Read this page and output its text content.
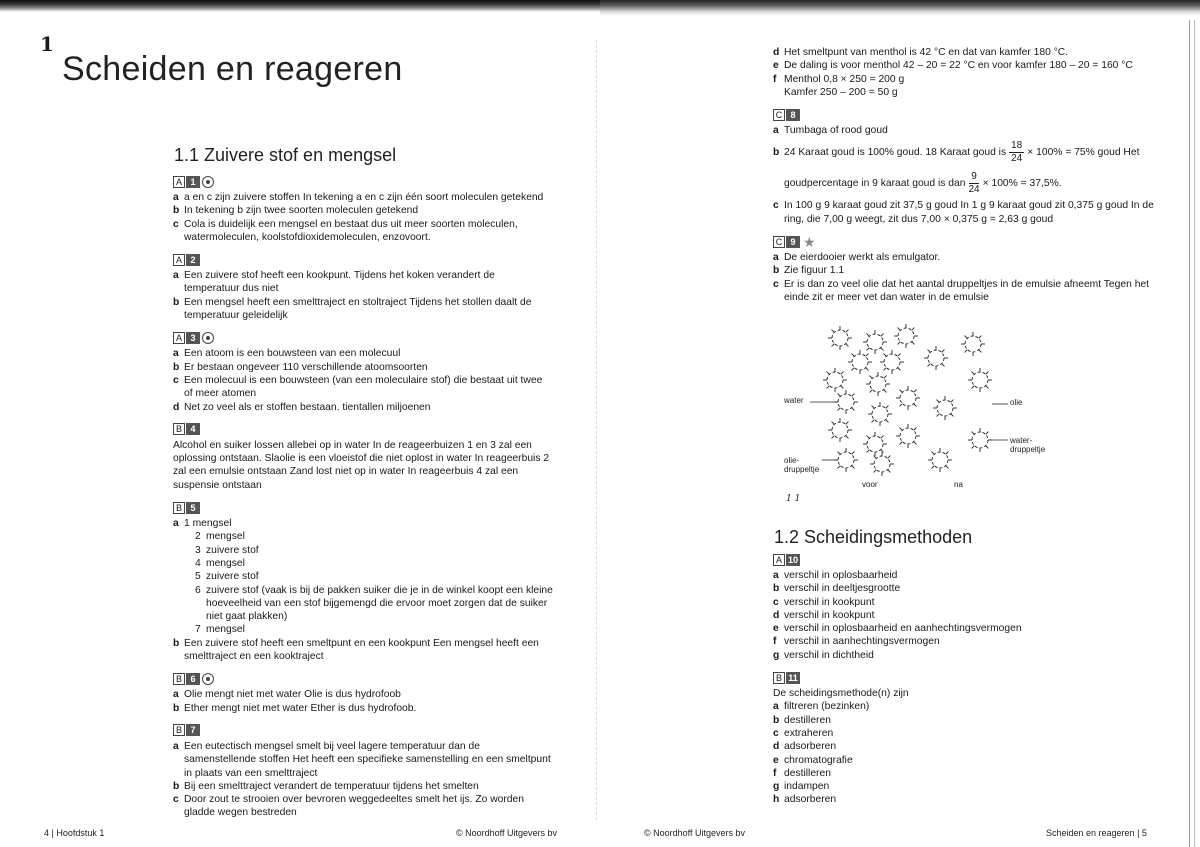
1
Scheiden en reageren
1.1 Zuivere stof en mengsel
A 1
a a en c zijn zuivere stoffen In tekening a en c zijn één soort moleculen getekend
b In tekening b zijn twee soorten moleculen getekend
c Cola is duidelijk een mengsel en bestaat dus uit meer soorten moleculen, watermoleculen, koolstofdioxidemoleculen, enzovoort.
A 2
a Een zuivere stof heeft een kookpunt. Tijdens het koken verandert de temperatuur dus niet
b Een mengsel heeft een smelttraject en stoltraject Tijdens het stollen daalt de temperatuur geleidelijk
A 3
a Een atoom is een bouwsteen van een molecuul
b Er bestaan ongeveer 110 verschillende atoomsoorten
c Een molecuul is een bouwsteen (van een moleculaire stof) die bestaat uit twee of meer atomen
d Net zo veel als er stoffen bestaan. tientallen miljoenen
B 4

Alcohol en suiker lossen allebei op in water In de reageerbuizen 1 en 3 zal een oplossing ontstaan. Slaolie is een vloeistof die niet oplost in water In reageerbuis 2 zal een emulsie ontstaan Zand lost niet op in water In reageerbuis 4 zal een suspensie ontstaan

B 5
a 1 mengsel
2 mengsel
3 zuivere stof
4 mengsel
5 zuivere stof
6 zuivere stof (vaak is bij de pakken suiker die je in de winkel koopt een kleine hoeveelheid van een stof bijgemengd die ervoor moet zorgen dat de suiker niet gaat plakken)
7 mengsel
b Een zuivere stof heeft een smeltpunt en een kookpunt Een mengsel heeft een smelttraject en een kooktraject
B 6
a Olie mengt niet met water Olie is dus hydrofoob
b Ether mengt niet met water Ether is dus hydrofoob.
B 7
a Een eutectisch mengsel smelt bij veel lagere temperatuur dan de samenstellende stoffen Het heeft een specifieke samenstelling en een smeltpunt in plaats van een smelttraject
b Bij een smelttraject verandert de temperatuur tijdens het smelten
c Door zout te strooien over bevroren weggedeeltes smelt het ijs. Zo worden gladde wegen bestreden
4 | Hoofdstuk 1	© Noordhoff Uitgevers bv
d Het smeltpunt van menthol is 42 °C en dat van kamfer 180 °C.
e De daling is voor menthol 42 – 20 = 22 °C en voor kamfer 180 – 20 = 160 °C
f Menthol 0,8 × 250 = 200 g
Kamfer 250 – 200 = 50 g
C 8
a Tumbaga of rood goud
b 24 Karaat goud is 100% goud. 18 Karaat goud is $\frac{18}{24} \times 100\% = 75\%$ goud Het
goudpercentage in 9 karaat goud is dan $\frac{9}{24} \times 100\% = 37,5\%$.
c In 100 g 9 karaat goud zit 37,5 g goud In 1 g 9 karaat goud zit 0,375 g goud In de ring, die 7,00 g weegt, zit dus 7,00 × 0,375 g = 2,63 g goud
C 9 ★
a De eierdooier werkt als emulgator.
b Zie figuur 1.1
c Er is dan zo veel olie dat het aantal druppeltjes in de emulsie afneemt Tegen het einde zit er meer vet dan water in de emulsie
water	olie
water-
druppeltje
olie-
druppeltje
voor	na
1 1
1.2 Scheidingsmethoden
A 10
a verschil in oplosbaarheid
b verschil in deeltjesgrootte
c verschil in kookpunt
d verschil in kookpunt
e verschil in oplosbaarheid en aanhechtingsvermogen
f verschil in aanhechtingsvermogen
g verschil in dichtheid
B 11

De scheidingsmethode(n) zijn

a filtreren (bezinken)
b destilleren
c extraheren
d adsorberen
e chromatografie
f destilleren
g indampen
h adsorberen
© Noordhoff Uitgevers bv	Scheiden en reageren | 5
